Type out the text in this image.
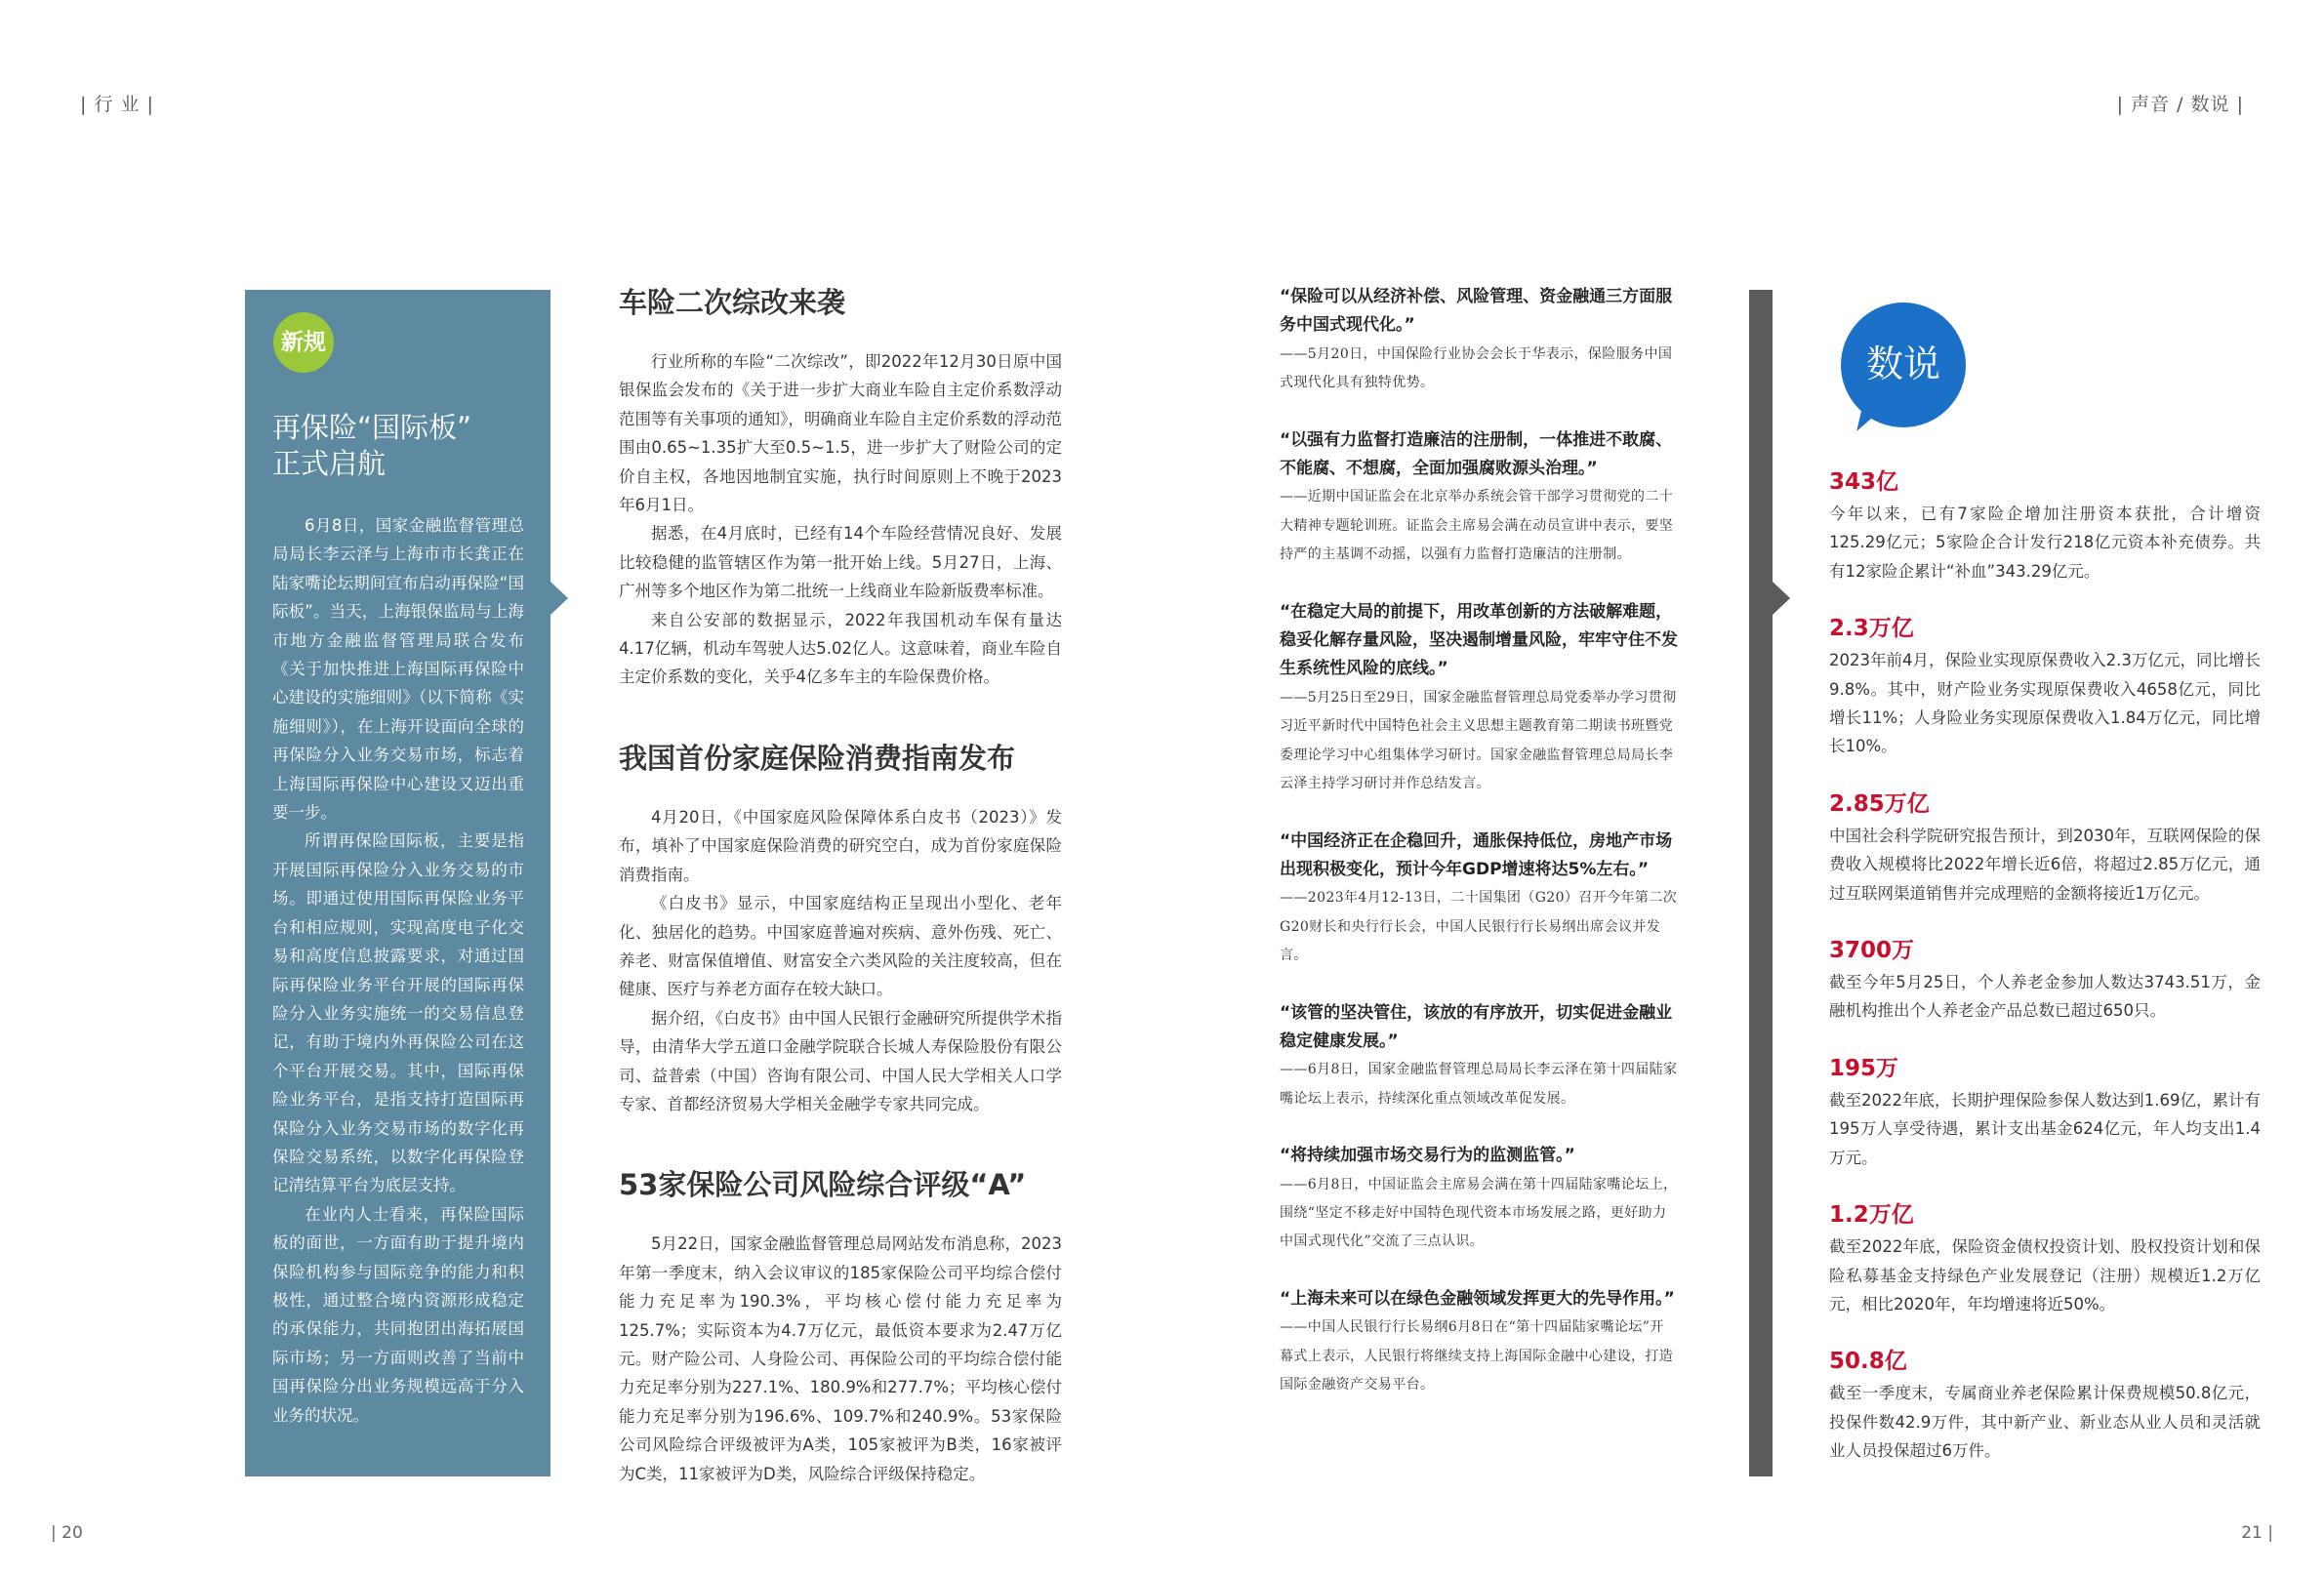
| 行 业 |	| 声音 / 数说 |
新规
再保险“国际板”
正式启航

6月8日，国家金融监督管理总局局长李云泽与上海市市长龚正在陆家嘴论坛期间宣布启动再保险“国际板”。当天，上海银保监局与上海市地方金融监督管理局联合发布《关于加快推进上海国际再保险中心建设的实施细则》（以下简称《实施细则》），在上海开设面向全球的再保险分入业务交易市场，标志着上海国际再保险中心建设又迈出重要一步。

所谓再保险国际板，主要是指开展国际再保险分入业务交易的市场。即通过使用国际再保险业务平台和相应规则，实现高度电子化交易和高度信息披露要求，对通过国际再保险业务平台开展的国际再保险分入业务实施统一的交易信息登记，有助于境内外再保险公司在这个平台开展交易。其中，国际再保险业务平台，是指支持打造国际再保险分入业务交易市场的数字化再保险交易系统，以数字化再保险登记清结算平台为底层支持。

在业内人士看来，再保险国际板的面世，一方面有助于提升境内保险机构参与国际竞争的能力和积极性，通过整合境内资源形成稳定的承保能力，共同抱团出海拓展国际市场；另一方面则改善了当前中国再保险分出业务规模远高于分入业务的状况。

车险二次综改来袭

行业所称的车险“二次综改”，即2022年12月30日原中国银保监会发布的《关于进一步扩大商业车险自主定价系数浮动范围等有关事项的通知》，明确商业车险自主定价系数的浮动范围由0.65~1.35扩大至0.5~1.5，进一步扩大了财险公司的定价自主权，各地因地制宜实施，执行时间原则上不晚于2023年6月1日。

据悉，在4月底时，已经有14个车险经营情况良好、发展比较稳健的监管辖区作为第一批开始上线。5月27日，上海、广州等多个地区作为第二批统一上线商业车险新版费率标准。

来自公安部的数据显示，2022年我国机动车保有量达4.17亿辆，机动车驾驶人达5.02亿人。这意味着，商业车险自主定价系数的变化，关乎4亿多车主的车险保费价格。

我国首份家庭保险消费指南发布

4月20日，《中国家庭风险保障体系白皮书（2023）》发布，填补了中国家庭保险消费的研究空白，成为首份家庭保险消费指南。

《白皮书》显示，中国家庭结构正呈现出小型化、老年化、独居化的趋势。中国家庭普遍对疾病、意外伤残、死亡、养老、财富保值增值、财富安全六类风险的关注度较高，但在健康、医疗与养老方面存在较大缺口。

据介绍，《白皮书》由中国人民银行金融研究所提供学术指导，由清华大学五道口金融学院联合长城人寿保险股份有限公司、益普索（中国）咨询有限公司、中国人民大学相关人口学专家、首都经济贸易大学相关金融学专家共同完成。

53家保险公司风险综合评级“A”

5月22日，国家金融监督管理总局网站发布消息称，2023年第一季度末，纳入会议审议的185家保险公司平均综合偿付能力充足率为190.3%，平均核心偿付能力充足率为125.7%；实际资本为4.7万亿元，最低资本要求为2.47万亿元。财产险公司、人身险公司、再保险公司的平均综合偿付能力充足率分别为227.1%、180.9%和277.7%；平均核心偿付能力充足率分别为196.6%、109.7%和240.9%。53家保险公司风险综合评级被评为A类，105家被评为B类，16家被评为C类，11家被评为D类，风险综合评级保持稳定。

“保险可以从经济补偿、风险管理、资金融通三方面服务中国式现代化。”
——5月20日，中国保险行业协会会长于华表示，保险服务中国式现代化具有独特优势。
“以强有力监督打造廉洁的注册制，一体推进不敢腐、不能腐、不想腐，全面加强腐败源头治理。”
——近期中国证监会在北京举办系统会管干部学习贯彻党的二十大精神专题轮训班。证监会主席易会满在动员宣讲中表示，要坚持严的主基调不动摇，以强有力监督打造廉洁的注册制。
“在稳定大局的前提下，用改革创新的方法破解难题，稳妥化解存量风险，坚决遏制增量风险，牢牢守住不发生系统性风险的底线。”
——5月25日至29日，国家金融监督管理总局党委举办学习贯彻习近平新时代中国特色社会主义思想主题教育第二期读书班暨党委理论学习中心组集体学习研讨。国家金融监督管理总局局长李云泽主持学习研讨并作总结发言。
“中国经济正在企稳回升，通胀保持低位，房地产市场出现积极变化，预计今年GDP增速将达5%左右。”
——2023年4月12-13日，二十国集团（G20）召开今年第二次G20财长和央行行长会，中国人民银行行长易纲出席会议并发言。
“该管的坚决管住，该放的有序放开，切实促进金融业稳定健康发展。”
——6月8日，国家金融监督管理总局局长李云泽在第十四届陆家嘴论坛上表示，持续深化重点领域改革促发展。
“将持续加强市场交易行为的监测监管。”
——6月8日，中国证监会主席易会满在第十四届陆家嘴论坛上，围绕“坚定不移走好中国特色现代资本市场发展之路，更好助力中国式现代化”交流了三点认识。
“上海未来可以在绿色金融领域发挥更大的先导作用。”
——中国人民银行行长易纲6月8日在“第十四届陆家嘴论坛”开幕式上表示，人民银行将继续支持上海国际金融中心建设，打造国际金融资产交易平台。
数说
343亿
今年以来，已有7家险企增加注册资本获批，合计增资125.29亿元；5家险企合计发行218亿元资本补充债券。共有12家险企累计“补血”343.29亿元。
2.3万亿
2023年前4月，保险业实现原保费收入2.3万亿元，同比增长9.8%。其中，财产险业务实现原保费收入4658亿元，同比增长11%；人身险业务实现原保费收入1.84万亿元，同比增长10%。
2.85万亿
中国社会科学院研究报告预计，到2030年，互联网保险的保费收入规模将比2022年增长近6倍，将超过2.85万亿元，通过互联网渠道销售并完成理赔的金额将接近1万亿元。
3700万
截至今年5月25日，个人养老金参加人数达3743.51万，金融机构推出个人养老金产品总数已超过650只。
195万
截至2022年底，长期护理保险参保人数达到1.69亿，累计有195万人享受待遇，累计支出基金624亿元，年人均支出1.4万元。
1.2万亿
截至2022年底，保险资金债权投资计划、股权投资计划和保险私募基金支持绿色产业发展登记（注册）规模近1.2万亿元，相比2020年，年均增速将近50%。
50.8亿
截至一季度末，专属商业养老保险累计保费规模50.8亿元，投保件数42.9万件，其中新产业、新业态从业人员和灵活就业人员投保超过6万件。
| 20	21 |
